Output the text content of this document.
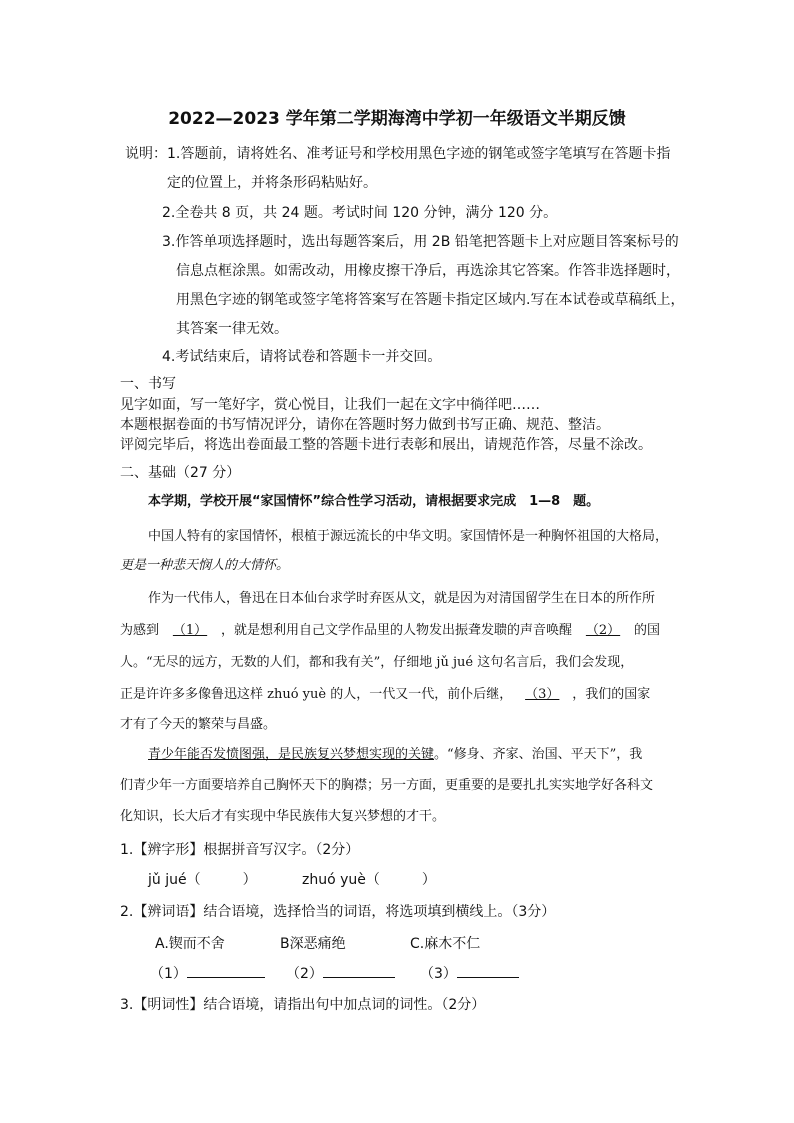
2022—2023 学年第二学期海湾中学初一年级语文半期反馈
说明：1.答题前，请将姓名、准考证号和学校用黑色字迹的钢笔或签字笔填写在答题卡指
定的位置上，并将条形码粘贴好。
2.全卷共 8 页，共 24 题。考试时间 120 分钟，满分 120 分。
3.作答单项选择题时，选出每题答案后，用 2B 铅笔把答题卡上对应题目答案标号的
信息点框涂黑。如需改动，用橡皮擦干净后，再选涂其它答案。作答非选择题时，
用黑色字迹的钢笔或签字笔将答案写在答题卡指定区域内.写在本试卷或草稿纸上，
其答案一律无效。
4.考试结束后，请将试卷和答题卡一并交回。
一、书写
见字如面，写一笔好字，赏心悦目，让我们一起在文字中徜徉吧……
本题根据卷面的书写情况评分，请你在答题时努力做到书写正确、规范、整洁。
评阅完毕后，将选出卷面最工整的答题卡进行表彰和展出，请规范作答，尽量不涂改。
二、基础（27 分）
本学期，学校开展“家国情怀”综合性学习活动，请根据要求完成　1—8　题。
中国人特有的家国情怀，根植于源远流长的中华文明。家国情怀是一种胸怀祖国的大格局，
更是一种悲天悯人的大情怀。
作为一代伟人，鲁迅在日本仙台求学时弃医从文，就是因为对清国留学生在日本的所作所
为感到 （1） ，就是想利用自己文学作品里的人物发出振聋发聩的声音唤醒 （2） 的国
人。“无尽的远方，无数的人们，都和我有关”，仔细地 jǔ jué 这句名言后，我们会发现，
正是许许多多像鲁迅这样 zhuó yuè 的人，一代又一代，前仆后继， （3） ，我们的国家
才有了今天的繁荣与昌盛。
青少年能否发愤图强，是民族复兴梦想实现的关键。“修身、齐家、治国、平天下”，我
们青少年一方面要培养自己胸怀天下的胸襟；另一方面，更重要的是要扎扎实实地学好各科文
化知识，长大后才有实现中华民族伟大复兴梦想的才干。
1.【辨字形】根据拼音写汉字。（2分）
jǔ jué（　　　）	zhuó yuè（　　　）
2.【辨词语】结合语境，选择恰当的词语，将选项填到横线上。（3分）
A.锲而不舍	B深恶痛绝	C.麻木不仁
（1）	（2）	（3）
3.【明词性】结合语境，请指出句中加点词的词性。（2分）
